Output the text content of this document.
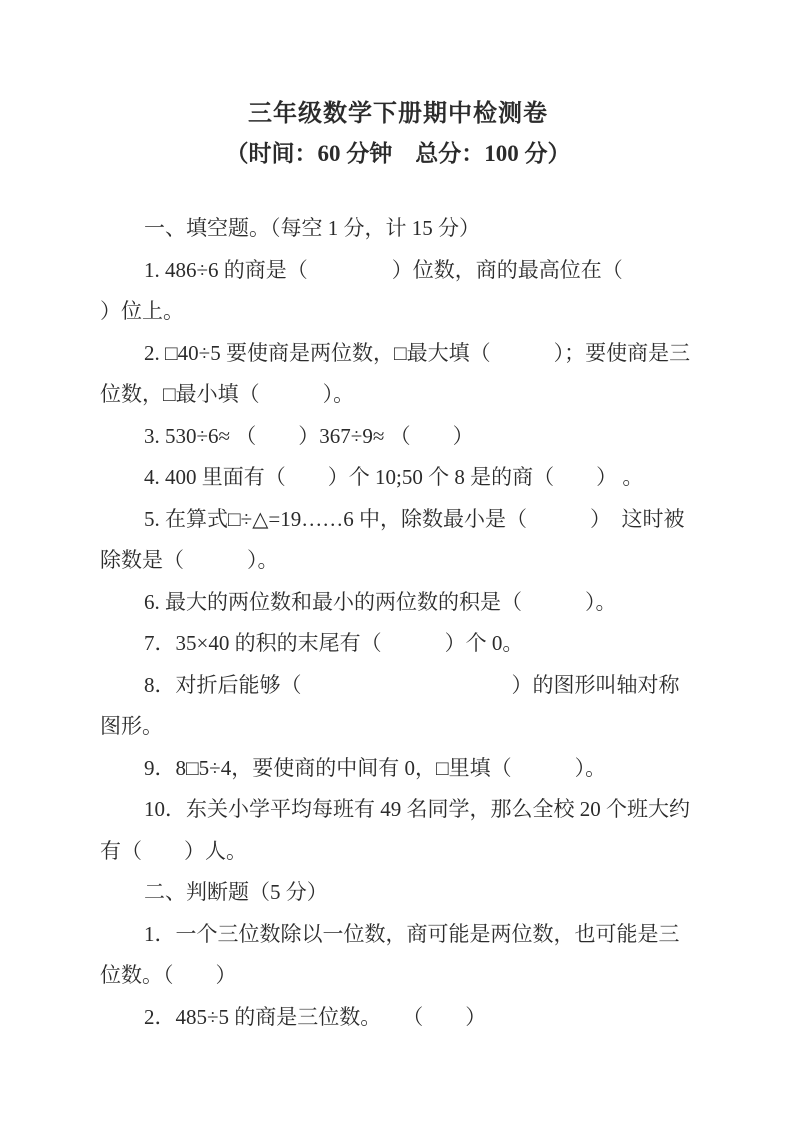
三年级数学下册期中检测卷
（时间：60 分钟　总分：100 分）

一、填空题。（每空 1 分，计 15 分）

1. 486÷6 的商是（　　　　）位数，商的最高位在（　　　　）位上。

2. □40÷5 要使商是两位数，□最大填（　　　）；要使商是三位数，□最小填（　　　）。

3. 530÷6≈ （　　）367÷9≈ （　　）

4. 400 里面有（　　）个 10;50 个 8 是的商（　　） 。

5. 在算式□÷△=19……6 中，除数最小是（　　　）  这时被除数是（　　　）。

6. 最大的两位数和最小的两位数的积是（　　　）。

7．35×40 的积的末尾有（　　　）个 0。

8．对折后能够（　　　　　　　　　　）的图形叫轴对称图形。

9．8□5÷4，要使商的中间有 0，□里填（　　　）。

10．东关小学平均每班有 49 名同学，那么全校 20 个班大约有（　　）人。

二、判断题（5 分）

1．一个三位数除以一位数，商可能是两位数，也可能是三位数。（　　）

2．485÷5 的商是三位数。　　（　　）
